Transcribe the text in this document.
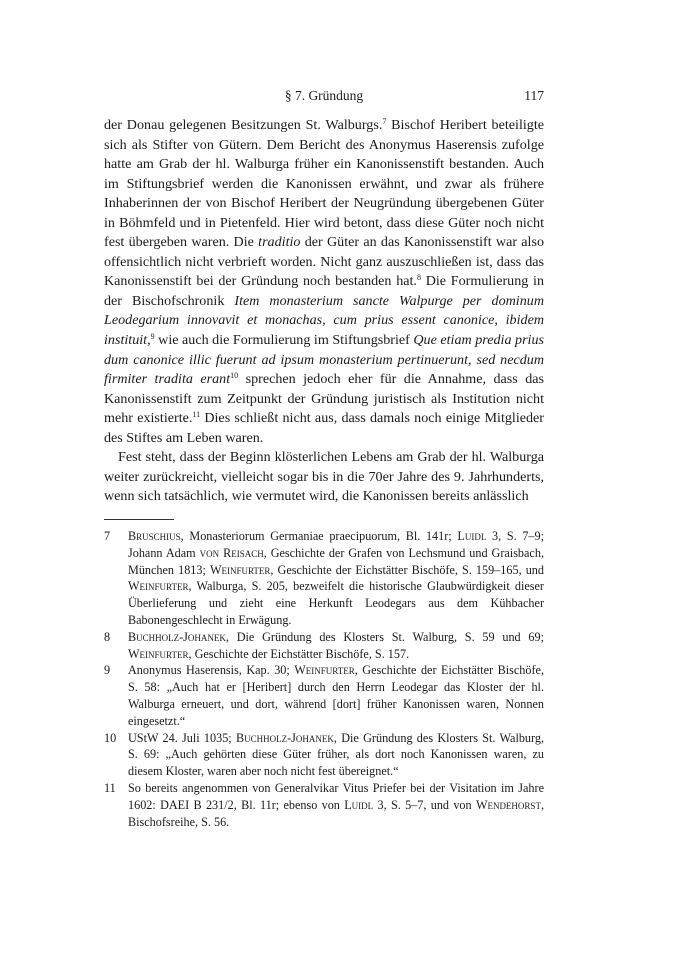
§ 7. Gründung	117

der Donau gelegenen Besitzungen St. Walburgs.$^7$ Bischof Heribert beteiligte sich als Stifter von Gütern. Dem Bericht des Anonymus Haserensis zufolge hatte am Grab der hl. Walburga früher ein Kanonissenstift bestanden. Auch im Stiftungsbrief werden die Kanonissen erwähnt, und zwar als frühere Inhaberinnen der von Bischof Heribert der Neugründung übergebenen Güter in Böhmfeld und in Pietenfeld. Hier wird betont, dass diese Güter noch nicht fest übergeben waren. Die traditio der Güter an das Kanonissenstift war also offensichtlich nicht verbrieft worden. Nicht ganz auszuschließen ist, dass das Kanonissenstift bei der Gründung noch bestanden hat.$^8$ Die Formulierung in der Bischofschronik Item monasterium sancte Walpurge per dominum Leodegarium innovavit et monachas, cum prius essent canonice, ibidem instituit,$^9$ wie auch die Formulierung im Stiftungsbrief Que etiam predia prius dum canonice illic fuerunt ad ipsum monasterium pertinuerunt, sed necdum firmiter tradita erant$^{10}$ sprechen jedoch eher für die Annahme, dass das Kanonissenstift zum Zeitpunkt der Gründung juristisch als Institution nicht mehr existierte.$^{11}$ Dies schließt nicht aus, dass damals noch einige Mitglieder des Stiftes am Leben waren.

Fest steht, dass der Beginn klösterlichen Lebens am Grab der hl. Walburga weiter zurückreicht, vielleicht sogar bis in die 70er Jahre des 9. Jahrhunderts, wenn sich tatsächlich, wie vermutet wird, die Kanonissen bereits anlässlich

7	Bruschius, Monasteriorum Germaniae praecipuorum, Bl. 141r; Luidl 3, S. 7–9; Johann Adam von Reisach, Geschichte der Grafen von Lechsmund und Graisbach, München 1813; Weinfurter, Geschichte der Eichstätter Bischöfe, S. 159–165, und Weinfurter, Walburga, S. 205, bezweifelt die historische Glaubwürdigkeit dieser Überlieferung und zieht eine Herkunft Leodegars aus dem Kühbacher Babonengeschlecht in Erwägung.
8	Buchholz-Johanek, Die Gründung des Klosters St. Walburg, S. 59 und 69; Weinfurter, Geschichte der Eichstätter Bischöfe, S. 157.
9	Anonymus Haserensis, Kap. 30; Weinfurter, Geschichte der Eichstätter Bischöfe, S. 58: „Auch hat er [Heribert] durch den Herrn Leodegar das Kloster der hl. Walburga erneuert, und dort, während [dort] früher Kanonissen waren, Nonnen eingesetzt.“
10 UStW 24. Juli 1035; Buchholz-Johanek, Die Gründung des Klosters St. Walburg, S. 69: „Auch gehörten diese Güter früher, als dort noch Kanonissen waren, zu diesem Kloster, waren aber noch nicht fest übereignet.“
11	So bereits angenommen von Generalvikar Vitus Priefer bei der Visitation im Jahre 1602: DAEI B 231/2, Bl. 11r; ebenso von Luidl 3, S. 5–7, und von Wendehorst, Bischofsreihe, S. 56.
